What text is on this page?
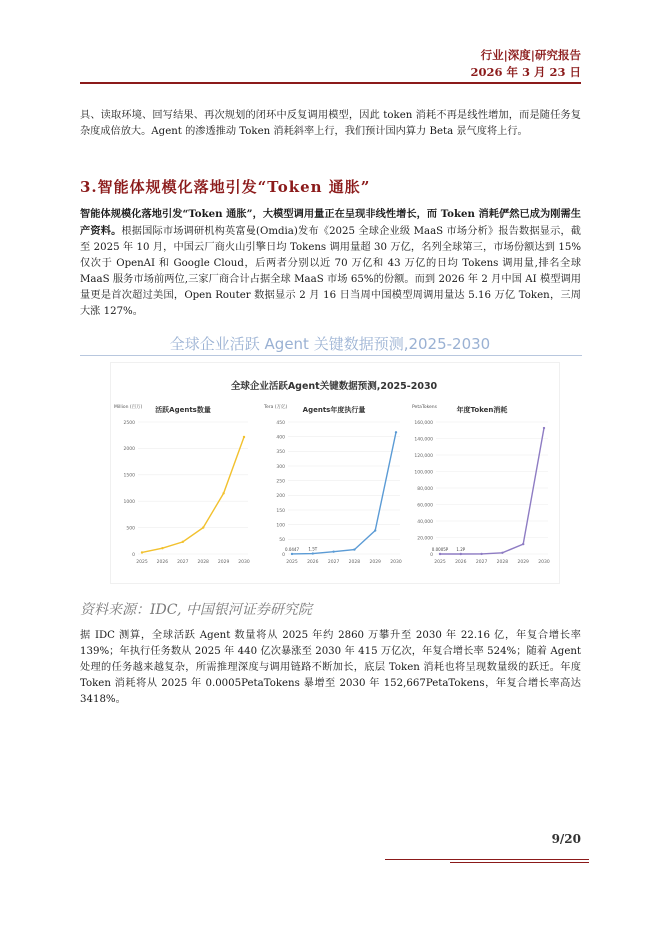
行业|深度|研究报告
2026 年 3 月 23 日
具、读取环境、回写结果、再次规划的闭环中反复调用模型，因此 token 消耗不再是线性增加，而是随任务复杂度成倍放大。Agent 的渗透推动 Token 消耗斜率上行，我们预计国内算力 Beta 景气度将上行。
3.智能体规模化落地引发“Token 通胀”
智能体规模化落地引发“Token 通胀”，大模型调用量正在呈现非线性增长，而 Token 消耗俨然已成为刚需生产资料。根据国际市场调研机构英富曼(Omdia)发布《2025 全球企业级 MaaS 市场分析》报告数据显示，截至 2025 年 10 月，中国云厂商火山引擎日均 Tokens 调用量超 30 万亿，名列全球第三，市场份额达到 15%仅次于 OpenAI 和 Google Cloud，后两者分别以近 70 万亿和 43 万亿的日均 Tokens 调用量,排名全球 MaaS 服务市场前两位,三家厂商合计占据全球 MaaS 市场 65%的份额。而到 2026 年 2 月中国 AI 模型调用量更是首次超过美国，Open Router 数据显示 2 月 16 日当周中国模型周调用量达 5.16 万亿 Token，三周大涨 127%。
全球企业活跃 Agent 关键数据预测,2025-2030
全球企业活跃Agent关键数据预测,2025-2030
Million (百万) 活跃Agents数量
0
500
1000
1500
2000
2500
2025 2026 2027 2028 2029 2030
Tera (万亿) Agents年度执行量
0
50
100
150
200
250
300
350
400
450
2025 2026 2027 2028 2029 2030
0.0447 1.5T
PetaTokens	年度Token消耗
0
20,000
40,000
60,000
80,000
100,000
120,000
140,000
160,000
2025 2026 2027 2028 2029 2030
0.0005P 1.2P
资料来源：IDC, 中国银河证券研究院
据 IDC 测算，全球活跃 Agent 数量将从 2025 年约 2860 万攀升至 2030 年 22.16 亿，年复合增长率 139%；年执行任务数从 2025 年 440 亿次暴涨至 2030 年 415 万亿次，年复合增长率 524%；随着 Agent 处理的任务越来越复杂，所需推理深度与调用链路不断加长，底层 Token 消耗也将呈现数量级的跃迁。年度 Token 消耗将从 2025 年 0.0005PetaTokens 暴增至 2030 年 152,667PetaTokens，年复合增长率高达 3418%。
9/20
